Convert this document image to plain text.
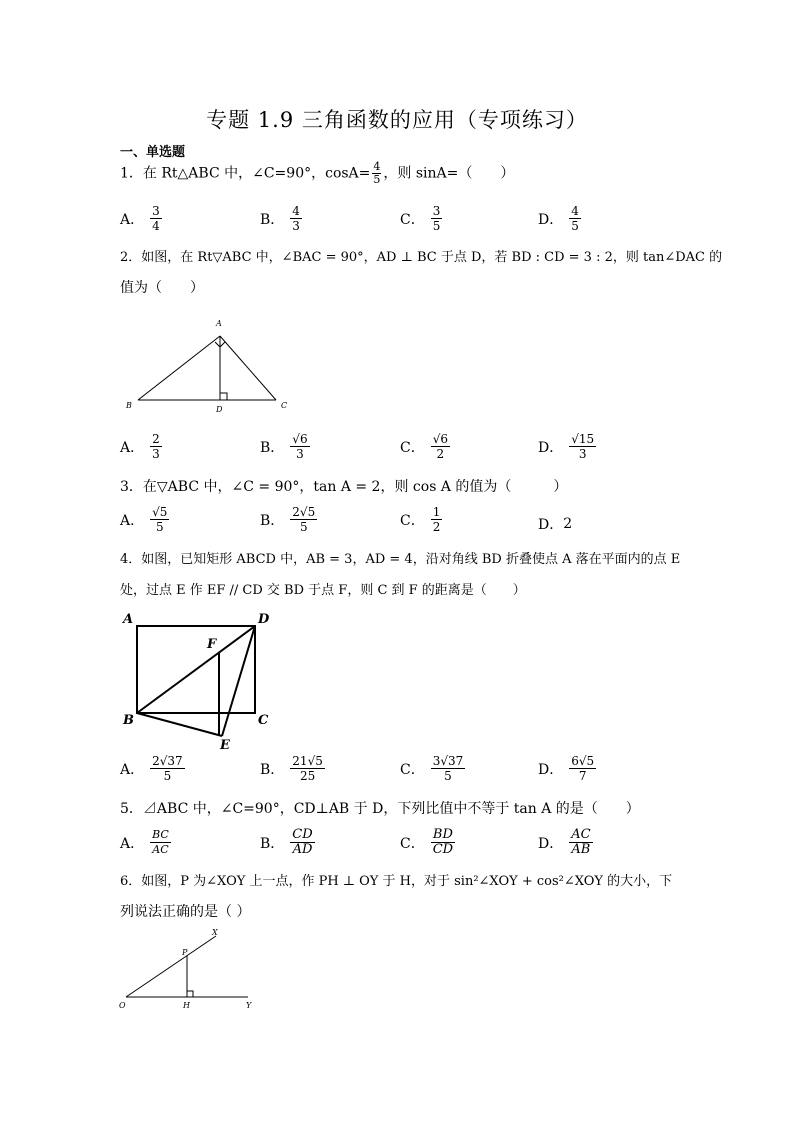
专题 1.9 三角函数的应用（专项练习）
一、单选题
1．在 Rt△ABC 中，∠C=90°，$\cos A= \frac{4}{5}$ ，则 sinA=（　　）
A． $\frac{3}{4}$	B． $\frac{4}{3}$	C． $\frac{3}{5}$	D． $\frac{4}{5}$
2．如图，在 Rt▽ABC 中，∠BAC = 90°，AD ⊥ BC 于点 D，若 BD : CD = 3 : 2，则 tan∠DAC 的
值为（　　）
A
B	C
D
A． $\frac{2}{3}$	B． $\frac{√6}{3}$	C． $\frac{√6}{2}$	D． $\frac{√15}{3}$
3．在▽ABC 中，∠C = 90°，tan A = 2，则 cos A 的值为（　　　）
A． $\frac{√5}{5}$	B． $\frac{2√5}{5}$	C． $\frac{1}{2}$	D． 2
4．如图，已知矩形 ABCD 中，AB = 3，AD = 4，沿对角线 BD 折叠使点 A 落在平面内的点 E
处，过点 E 作 EF // CD 交 BD 于点 F，则 C 到 F 的距离是（　　）
A	D
F
B	C
E
A． $\frac{2√37}{5}$	B． $\frac{21√5}{25}$	C． $\frac{3√37}{5}$	D． $\frac{6√5}{7}$
5．⊿ABC 中，∠C=90°，CD⊥AB 于 D，下列比值中不等于 tan A 的是（　　）
A． $\frac{BC}{AC}$	B． $\frac{CD}{AD}$	C． $\frac{BD}{CD}$	D． $\frac{AC}{AB}$
6．如图，P 为∠XOY 上一点，作 PH ⊥ OY 于 H，对于 sin²∠XOY + cos²∠XOY 的大小，下
列说法正确的是（ ）
X
P
O	H	Y
